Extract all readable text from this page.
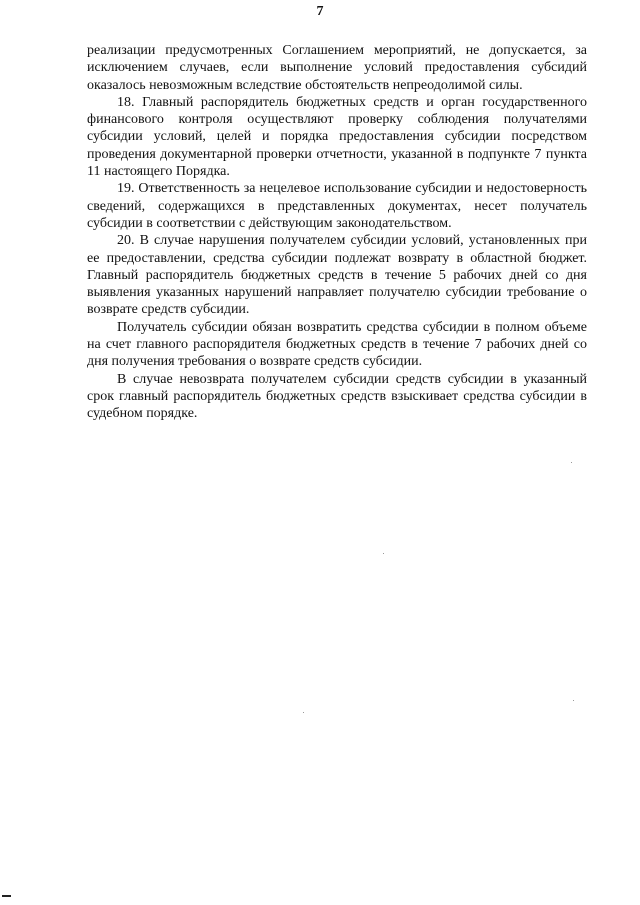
7

реализации предусмотренных Соглашением мероприятий, не допускается, за исключением случаев, если выполнение условий предоставления субсидий оказалось невозможным вследствие обстоятельств непреодолимой силы.

18. Главный распорядитель бюджетных средств и орган государственного финансового контроля осуществляют проверку соблюдения получателями субсидии условий, целей и порядка предоставления субсидии посредством проведения документарной проверки отчетности, указанной в подпункте 7 пункта 11 настоящего Порядка.

19. Ответственность за нецелевое использование субсидии и недостоверность сведений, содержащихся в представленных документах, несет получатель субсидии в соответствии с действующим законодательством.

20. В случае нарушения получателем субсидии условий, установленных при ее предоставлении, средства субсидии подлежат возврату в областной бюджет. Главный распорядитель бюджетных средств в течение 5 рабочих дней со дня выявления указанных нарушений направляет получателю субсидии требование о возврате средств субсидии.

Получатель субсидии обязан возвратить средства субсидии в полном объеме на счет главного распорядителя бюджетных средств в течение 7 рабочих дней со дня получения требования о возврате средств субсидии.

В случае невозврата получателем субсидии средств субсидии в указанный срок главный распорядитель бюджетных средств взыскивает средства субсидии в судебном порядке.
